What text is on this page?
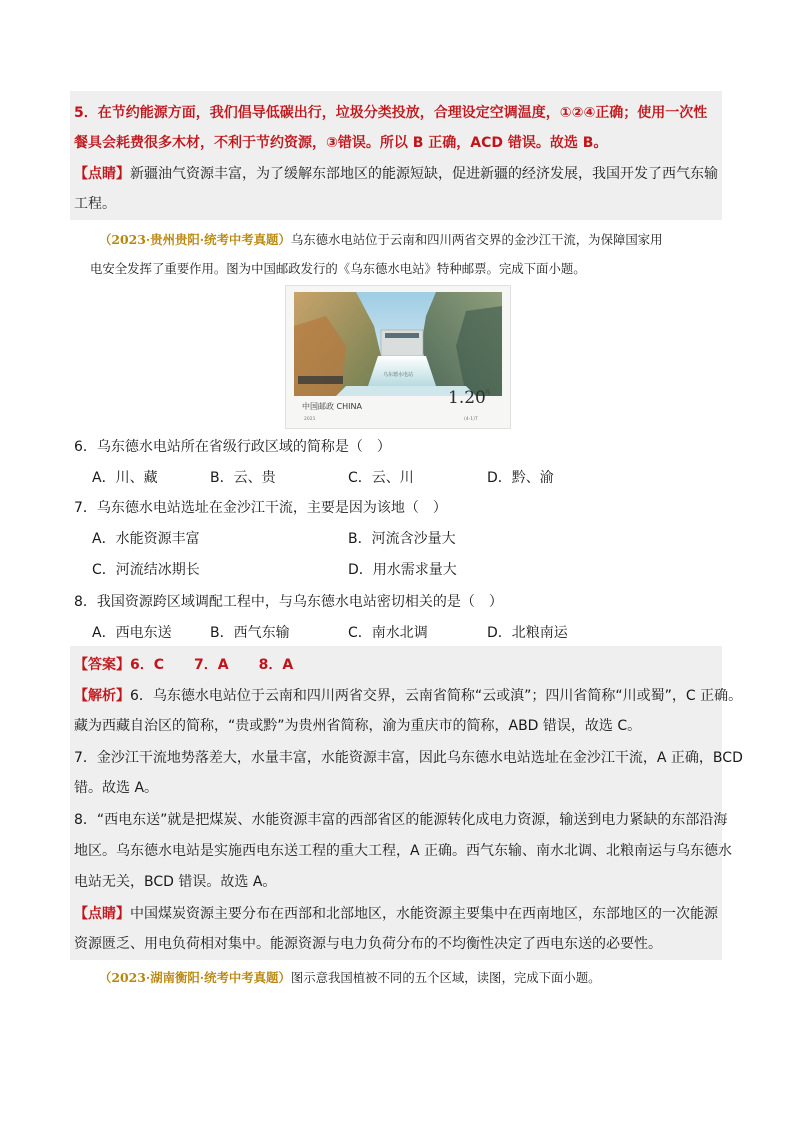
5．在节约能源方面，我们倡导低碳出行，垃圾分类投放，合理设定空调温度，①②④正确；使用一次性
餐具会耗费很多木材，不利于节约资源，③错误。所以 B 正确，ACD 错误。故选 B。
【点睛】新疆油气资源丰富，为了缓解东部地区的能源短缺，促进新疆的经济发展，我国开发了西气东输
工程。
（2023·贵州贵阳·统考中考真题）乌东德水电站位于云南和四川两省交界的金沙江干流，为保障国家用
电安全发挥了重要作用。图为中国邮政发行的《乌东德水电站》特种邮票。完成下面小题。
乌东德水电站
中国邮政 CHINA	1.20 元
2021	(4-1)T
6．乌东德水电站所在省级行政区域的简称是（　）
A．川、藏	B．云、贵	C．云、川	D．黔、渝
7．乌东德水电站选址在金沙江干流，主要是因为该地（　）
A．水能资源丰富	B．河流含沙量大
C．河流结冰期长	D．用水需求量大
8．我国资源跨区域调配工程中，与乌东德水电站密切相关的是（　）
A．西电东送	B．西气东输	C．南水北调	D．北粮南运
【答案】6．C 7．A 8．A
【解析】6．乌东德水电站位于云南和四川两省交界，云南省简称“云或滇”；四川省简称“川或蜀”，C 正确。
藏为西藏自治区的简称，“贵或黔”为贵州省简称，渝为重庆市的简称，ABD 错误，故选 C。
7．金沙江干流地势落差大，水量丰富，水能资源丰富，因此乌东德水电站选址在金沙江干流，A 正确，BCD
错。故选 A。
8．“西电东送”就是把煤炭、水能资源丰富的西部省区的能源转化成电力资源，输送到电力紧缺的东部沿海
地区。乌东德水电站是实施西电东送工程的重大工程，A 正确。西气东输、南水北调、北粮南运与乌东德水
电站无关，BCD 错误。故选 A。
【点睛】中国煤炭资源主要分布在西部和北部地区，水能资源主要集中在西南地区，东部地区的一次能源
资源匮乏、用电负荷相对集中。能源资源与电力负荷分布的不均衡性决定了西电东送的必要性。
（2023·湖南衡阳·统考中考真题）图示意我国植被不同的五个区域，读图，完成下面小题。
